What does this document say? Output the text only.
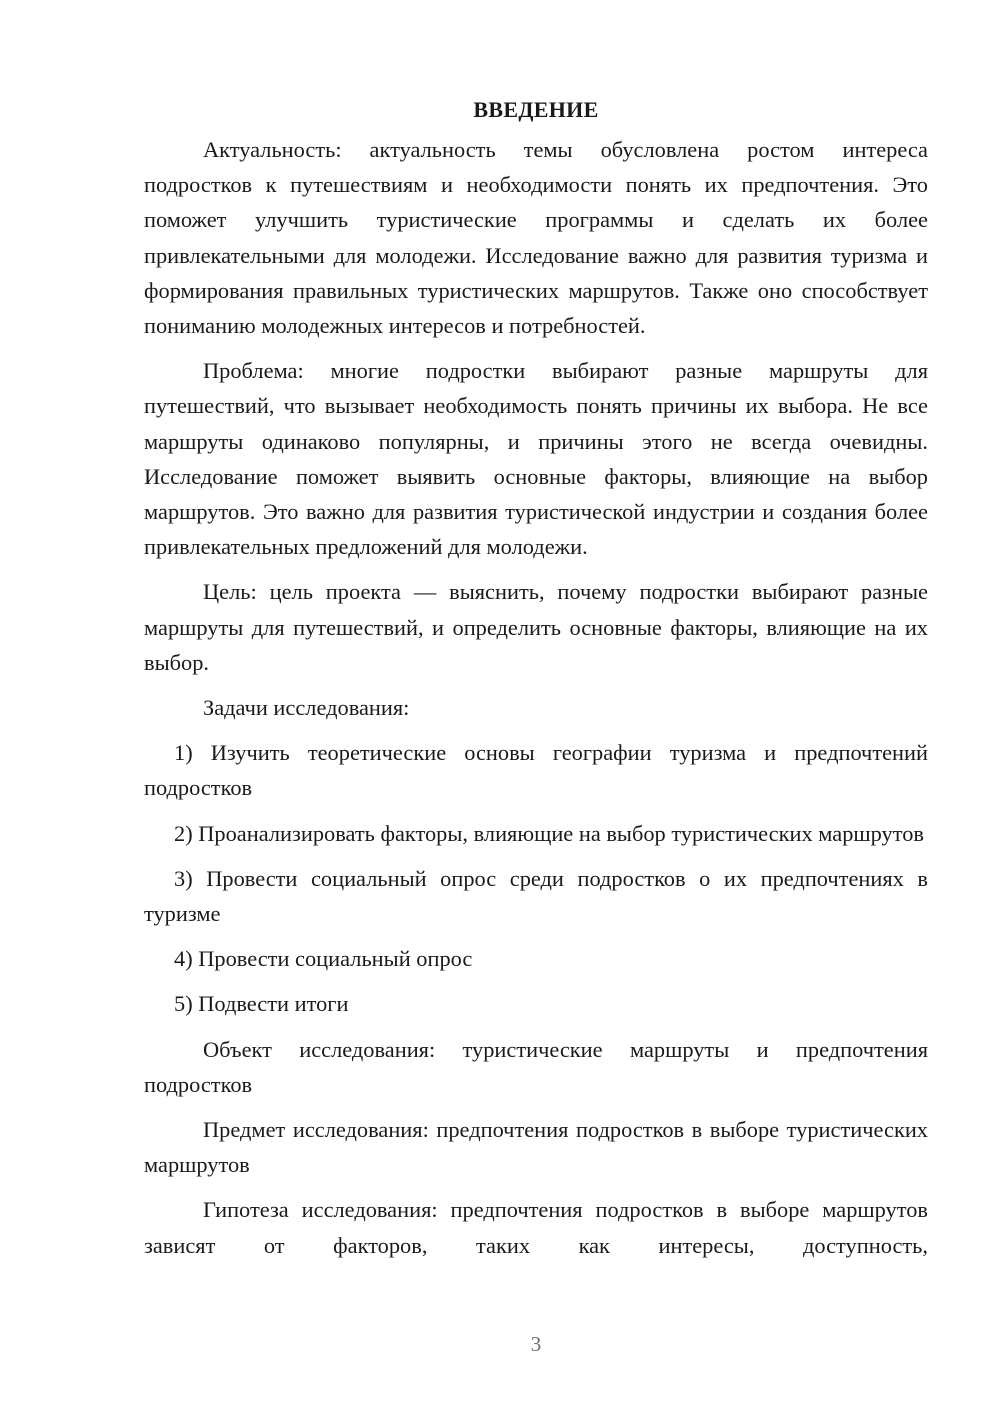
ВВЕДЕНИЕ

Актуальность: актуальность темы обусловлена ростом интереса подростков к путешествиям и необходимости понять их предпочтения. Это поможет улучшить туристические программы и сделать их более привлекательными для молодежи. Исследование важно для развития туризма и формирования правильных туристических маршрутов. Также оно способствует пониманию молодежных интересов и потребностей.

Проблема: многие подростки выбирают разные маршруты для путешествий, что вызывает необходимость понять причины их выбора. Не все маршруты одинаково популярны, и причины этого не всегда очевидны. Исследование поможет выявить основные факторы, влияющие на выбор маршрутов. Это важно для развития туристической индустрии и создания более привлекательных предложений для молодежи.

Цель: цель проекта — выяснить, почему подростки выбирают разные маршруты для путешествий, и определить основные факторы, влияющие на их выбор.

Задачи исследования:

1) Изучить теоретические основы географии туризма и предпочтений подростков

2) Проанализировать факторы, влияющие на выбор туристических маршрутов

3) Провести социальный опрос среди подростков о их предпочтениях в туризме

4) Провести социальный опрос

5) Подвести итоги

Объект исследования: туристические маршруты и предпочтения подростков

Предмет исследования: предпочтения подростков в выборе туристических маршрутов

Гипотеза исследования: предпочтения подростков в выборе маршрутов зависят от факторов, таких как интересы, доступность,

3
